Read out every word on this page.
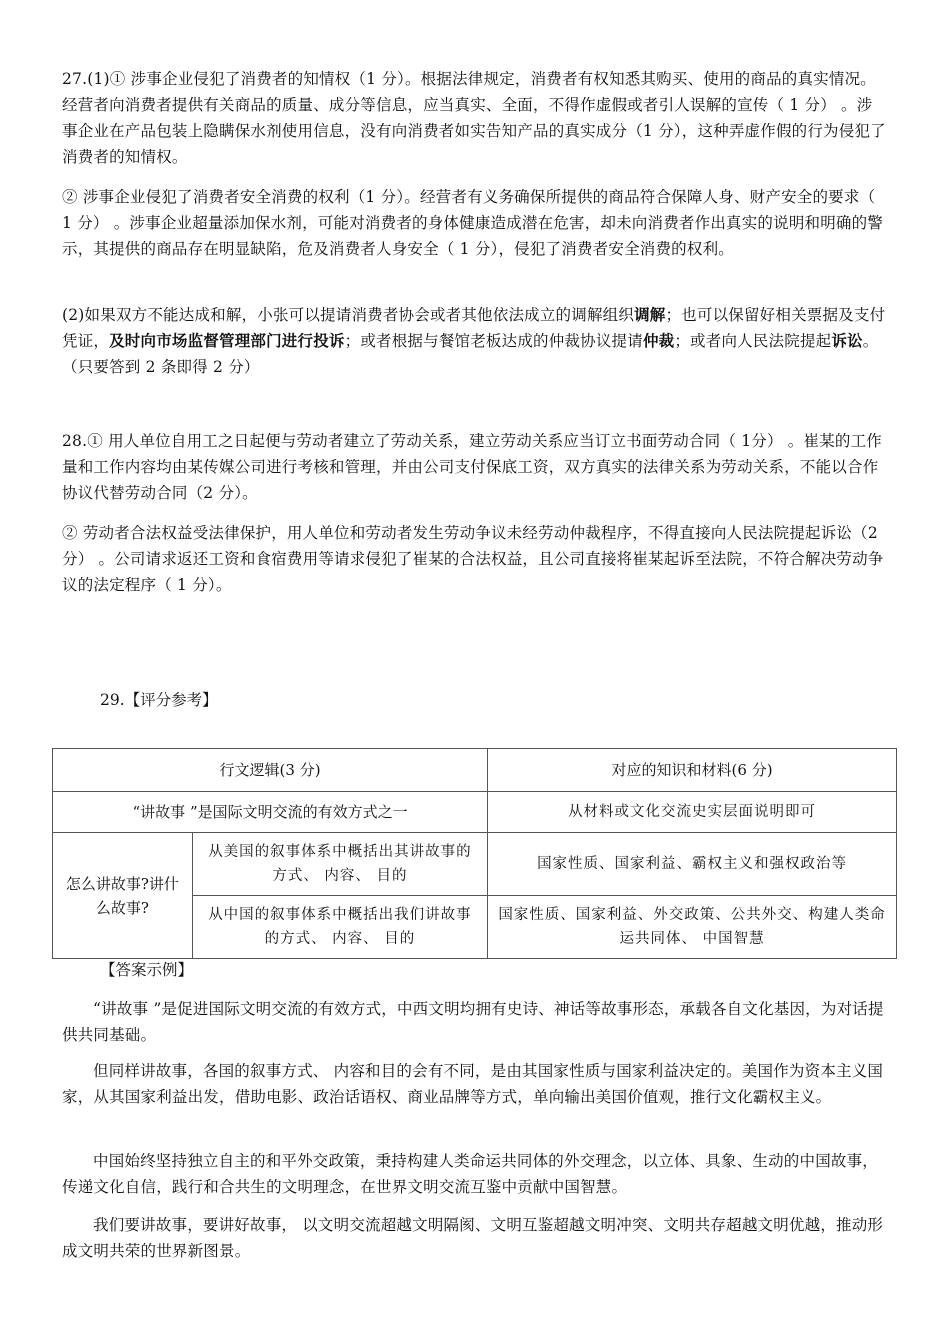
27.(1)① 涉事企业侵犯了消费者的知情权（1 分）。根据法律规定，消费者有权知悉其购买、使用的商品的真实情况。经营者向消费者提供有关商品的质量、成分等信息，应当真实、全面，不得作虚假或者引人误解的宣传（ 1 分） 。涉事企业在产品包装上隐瞒保水剂使用信息，没有向消费者如实告知产品的真实成分（1 分），这种弄虚作假的行为侵犯了消费者的知情权。

② 涉事企业侵犯了消费者安全消费的权利（1 分）。经营者有义务确保所提供的商品符合保障人身、财产安全的要求（ 1 分） 。涉事企业超量添加保水剂，可能对消费者的身体健康造成潜在危害，却未向消费者作出真实的说明和明确的警示，其提供的商品存在明显缺陷，危及消费者人身安全（ 1 分），侵犯了消费者安全消费的权利。

(2)如果双方不能达成和解，小张可以提请消费者协会或者其他依法成立的调解组织调解；也可以保留好相关票据及支付凭证，及时向市场监督管理部门进行投诉；或者根据与餐馆老板达成的仲裁协议提请仲裁；或者向人民法院提起诉讼。（只要答到 2 条即得 2 分）

28.① 用人单位自用工之日起便与劳动者建立了劳动关系，建立劳动关系应当订立书面劳动合同（ 1分） 。崔某的工作量和工作内容均由某传媒公司进行考核和管理，并由公司支付保底工资，双方真实的法律关系为劳动关系，不能以合作协议代替劳动合同（2 分）。

② 劳动者合法权益受法律保护，用人单位和劳动者发生劳动争议未经劳动仲裁程序，不得直接向人民法院提起诉讼（2 分） 。公司请求返还工资和食宿费用等请求侵犯了崔某的合法权益，且公司直接将崔某起诉至法院，不符合解决劳动争议的法定程序（ 1 分）。

29.【评分参考】
行文逻辑(3 分)		对应的知识和材料(6 分)
“讲故事 ”是国际文明交流的有效方式之一		从材料或文化交流史实层面说明即可
怎么讲故事?讲什么故事?	从美国的叙事体系中概括出其讲故事的方式、 内容、 目的	国家性质、国家利益、霸权主义和强权政治等
	从中国的叙事体系中概括出我们讲故事的方式、 内容、 目的	国家性质、国家利益、外交政策、公共外交、构建人类命运共同体、 中国智慧
【答案示例】

“讲故事 ”是促进国际文明交流的有效方式，中西文明均拥有史诗、神话等故事形态，承载各自文化基因，为对话提供共同基础。

但同样讲故事，各国的叙事方式、 内容和目的会有不同，是由其国家性质与国家利益决定的。美国作为资本主义国家，从其国家利益出发，借助电影、政治话语权、商业品牌等方式，单向输出美国价值观，推行文化霸权主义。

中国始终坚持独立自主的和平外交政策，秉持构建人类命运共同体的外交理念，以立体、具象、生动的中国故事，传递文化自信，践行和合共生的文明理念，在世界文明交流互鉴中贡献中国智慧。

我们要讲故事，要讲好故事， 以文明交流超越文明隔阂、文明互鉴超越文明冲突、文明共存超越文明优越，推动形成文明共荣的世界新图景。
